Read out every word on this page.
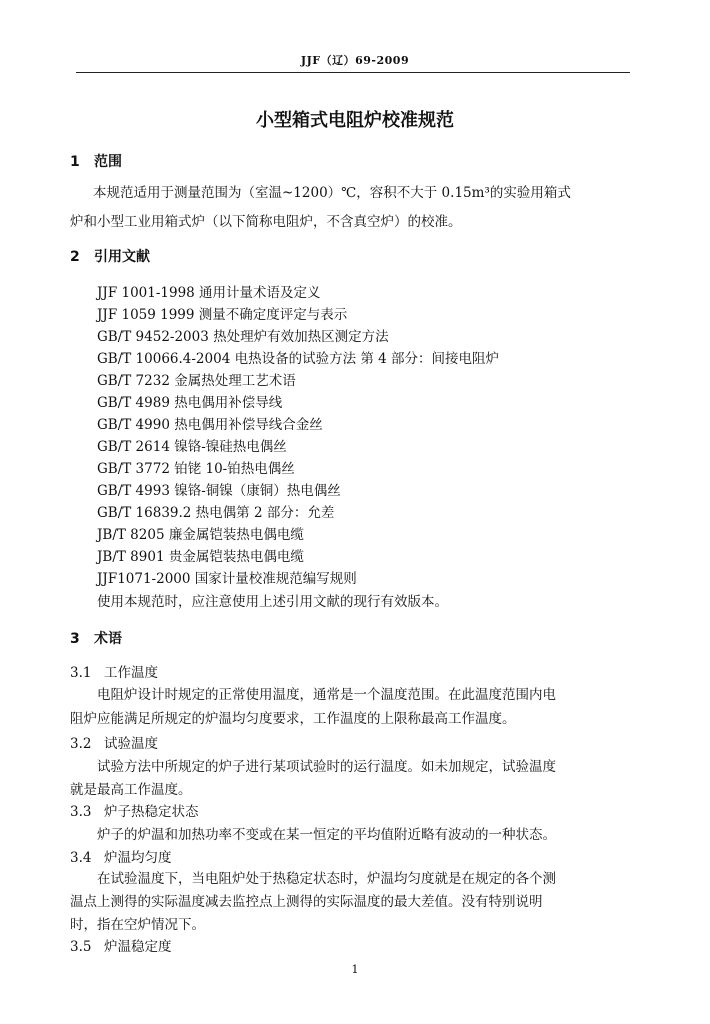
JJF（辽）69-2009
小型箱式电阻炉校准规范
1 范围
本规范适用于测量范围为（室温~1200）℃，容积不大于 0.15m³的实验用箱式
炉和小型工业用箱式炉（以下简称电阻炉，不含真空炉）的校准。
2 引用文献
JJF 1001-1998 通用计量术语及定义
JJF 1059 1999 测量不确定度评定与表示
GB/T 9452-2003 热处理炉有效加热区测定方法
GB/T 10066.4-2004 电热设备的试验方法 第 4 部分：间接电阻炉
GB/T 7232 金属热处理工艺术语
GB/T 4989 热电偶用补偿导线
GB/T 4990 热电偶用补偿导线合金丝
GB/T 2614 镍铬-镍硅热电偶丝
GB/T 3772 铂铑 10-铂热电偶丝
GB/T 4993 镍铬-铜镍（康铜）热电偶丝
GB/T 16839.2 热电偶第 2 部分：允差
JB/T 8205 廉金属铠装热电偶电缆
JB/T 8901 贵金属铠装热电偶电缆
JJF1071-2000 国家计量校准规范编写规则
使用本规范时，应注意使用上述引用文献的现行有效版本。
3 术语
3.1 工作温度
电阻炉设计时规定的正常使用温度，通常是一个温度范围。在此温度范围内电
阻炉应能满足所规定的炉温均匀度要求，工作温度的上限称最高工作温度。
3.2 试验温度
试验方法中所规定的炉子进行某项试验时的运行温度。如未加规定，试验温度
就是最高工作温度。
3.3 炉子热稳定状态
炉子的炉温和加热功率不变或在某一恒定的平均值附近略有波动的一种状态。
3.4 炉温均匀度
在试验温度下，当电阻炉处于热稳定状态时，炉温均匀度就是在规定的各个测
温点上测得的实际温度减去监控点上测得的实际温度的最大差值。没有特别说明
时，指在空炉情况下。
3.5 炉温稳定度
1
